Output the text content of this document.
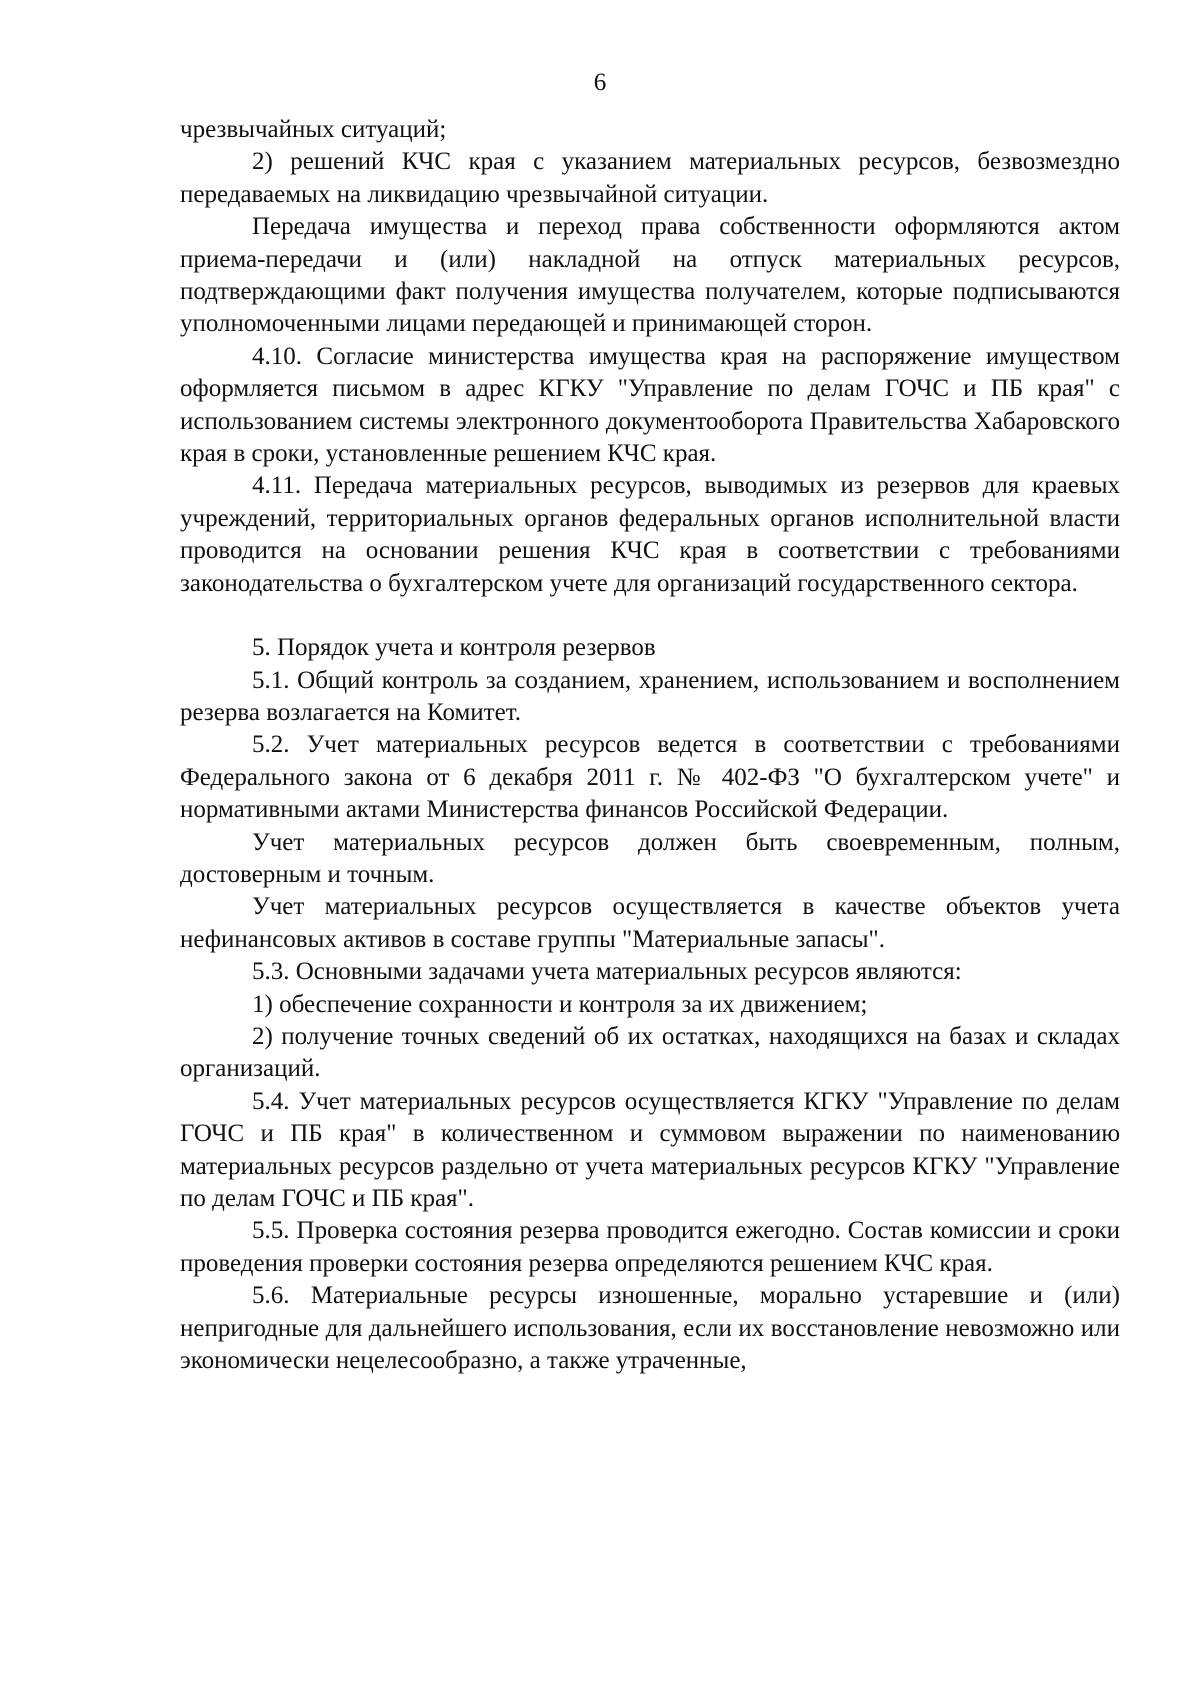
6

чрезвычайных ситуаций;

2) решений КЧС края с указанием материальных ресурсов, безвозмездно передаваемых на ликвидацию чрезвычайной ситуации.

Передача имущества и переход права собственности оформляются актом приема-передачи и (или) накладной на отпуск материальных ресурсов, подтверждающими факт получения имущества получателем, которые подписываются уполномоченными лицами передающей и принимающей сторон.

4.10. Согласие министерства имущества края на распоряжение имуществом оформляется письмом в адрес КГКУ "Управление по делам ГОЧС и ПБ края" с использованием системы электронного документооборота Правительства Хабаровского края в сроки, установленные решением КЧС края.

4.11. Передача материальных ресурсов, выводимых из резервов для краевых учреждений, территориальных органов федеральных органов исполнительной власти проводится на основании решения КЧС края в соответствии с требованиями законодательства о бухгалтерском учете для организаций государственного сектора.

5. Порядок учета и контроля резервов

5.1. Общий контроль за созданием, хранением, использованием и восполнением резерва возлагается на Комитет.

5.2. Учет материальных ресурсов ведется в соответствии с требованиями Федерального закона от 6 декабря 2011 г. № 402-ФЗ "О бухгалтерском учете" и нормативными актами Министерства финансов Российской Федерации.

Учет материальных ресурсов должен быть своевременным, полным, достоверным и точным.

Учет материальных ресурсов осуществляется в качестве объектов учета нефинансовых активов в составе группы "Материальные запасы".

5.3. Основными задачами учета материальных ресурсов являются:

1) обеспечение сохранности и контроля за их движением;

2) получение точных сведений об их остатках, находящихся на базах и складах организаций.

5.4. Учет материальных ресурсов осуществляется КГКУ "Управление по делам ГОЧС и ПБ края" в количественном и суммовом выражении по наименованию материальных ресурсов раздельно от учета материальных ресурсов КГКУ "Управление по делам ГОЧС и ПБ края".

5.5. Проверка состояния резерва проводится ежегодно. Состав комиссии и сроки проведения проверки состояния резерва определяются решением КЧС края.

5.6. Материальные ресурсы изношенные, морально устаревшие и (или) непригодные для дальнейшего использования, если их восстановление невозможно или экономически нецелесообразно, а также утраченные,
